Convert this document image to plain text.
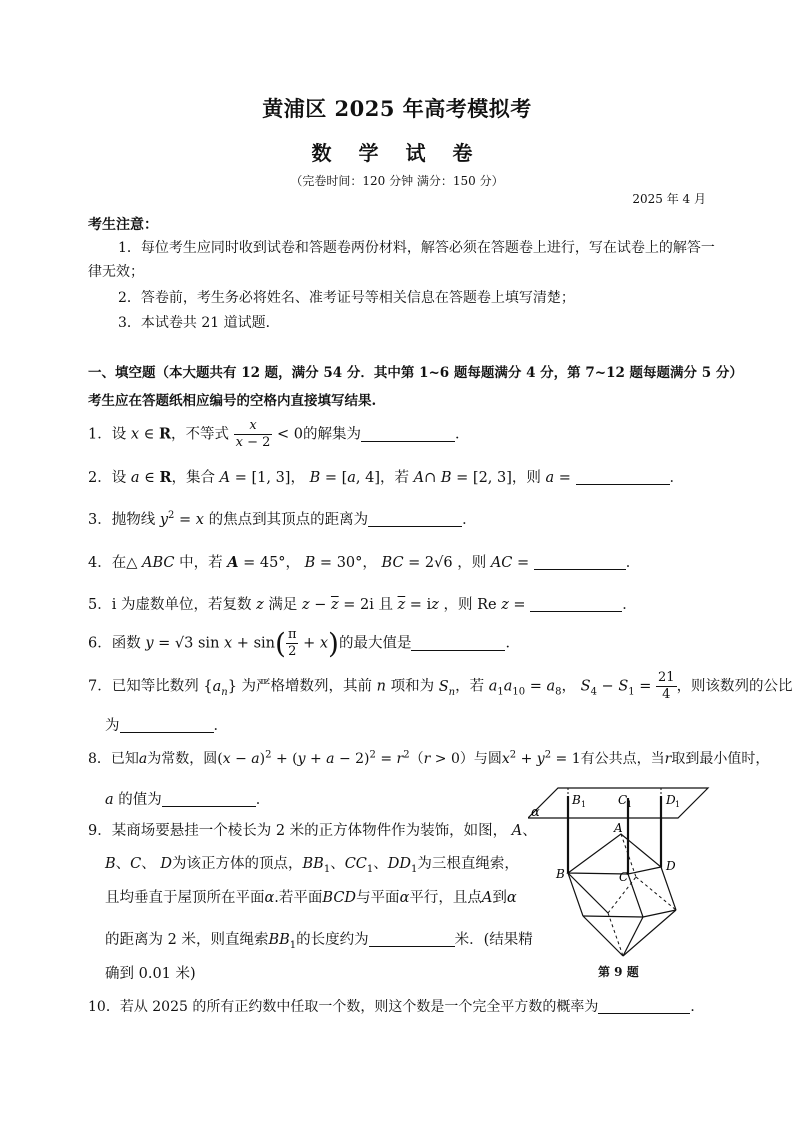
黄浦区 2025 年高考模拟考
数 学 试 卷
（完卷时间：120 分钟 满分：150 分）
2025 年 4 月
考生注意：
1．每位考生应同时收到试卷和答题卷两份材料，解答必须在答题卷上进行，写在试卷上的解答一
律无效；
2．答卷前，考生务必将姓名、准考证号等相关信息在答题卷上填写清楚；
3．本试卷共 21 道试题．
一、填空题（本大题共有 12 题，满分 54 分．其中第 1~6 题每题满分 4 分，第 7~12 题每题满分 5 分）
考生应在答题纸相应编号的空格内直接填写结果.
1．设 x ∈ R，不等式 $\frac{x}{x - 2} < 0$的解集为	．
2．设 a ∈ R，集合 A = [1, 3]， B = [a, 4]，若 A∩ B = [2, 3]，则 a =	．
3．抛物线 $y^2 = x$ 的焦点到其顶点的距离为	．
4．在△ ABC 中，若 A = 45°， B = 30°， BC = 2√6 ，则 AC =	．
5．i 为虚数单位，若复数 z 满足 $z - \overline{z} = 2i$ 且 $\overline{z}$ = iz ，则 Re z =	．
6．函数 y = √3 $\sin x + \sin( \frac{\pi}{2} + x)$的最大值是	．
7．已知等比数列 $\{a_n\}$ 为严格增数列，其前 n 项和为 $S_n$，若 $a_1a_{10} = a_8$， $S_4 - S_1 = \frac{21}{4}$ ，则该数列的公比
为	．
8．已知a为常数，圆$(x - a)^2 + (y + a - 2)^2 = r^2(r > 0)$与圆$x^2 + y^2 = 1$有公共点，当r取到最小值时，
a 的值为	．
9．某商场要悬挂一个棱长为 2 米的正方体物件作为装饰，如图， A、
B、C、 D为该正方体的顶点，$BB_1$、$CC_1$、$DD_1$为三根直绳索，
且均垂直于屋顶所在平面α.若平面BCD与平面α平行，且点A到α
的距离为 2 米，则直绳索$BB_1$的长度约为	米．(结果精
确到 0.01 米)
α
B 1	C 1	D 1
A
B	C
D
第 9 题
10．若从 2025 的所有正约数中任取一个数，则这个数是一个完全平方数的概率为	．
